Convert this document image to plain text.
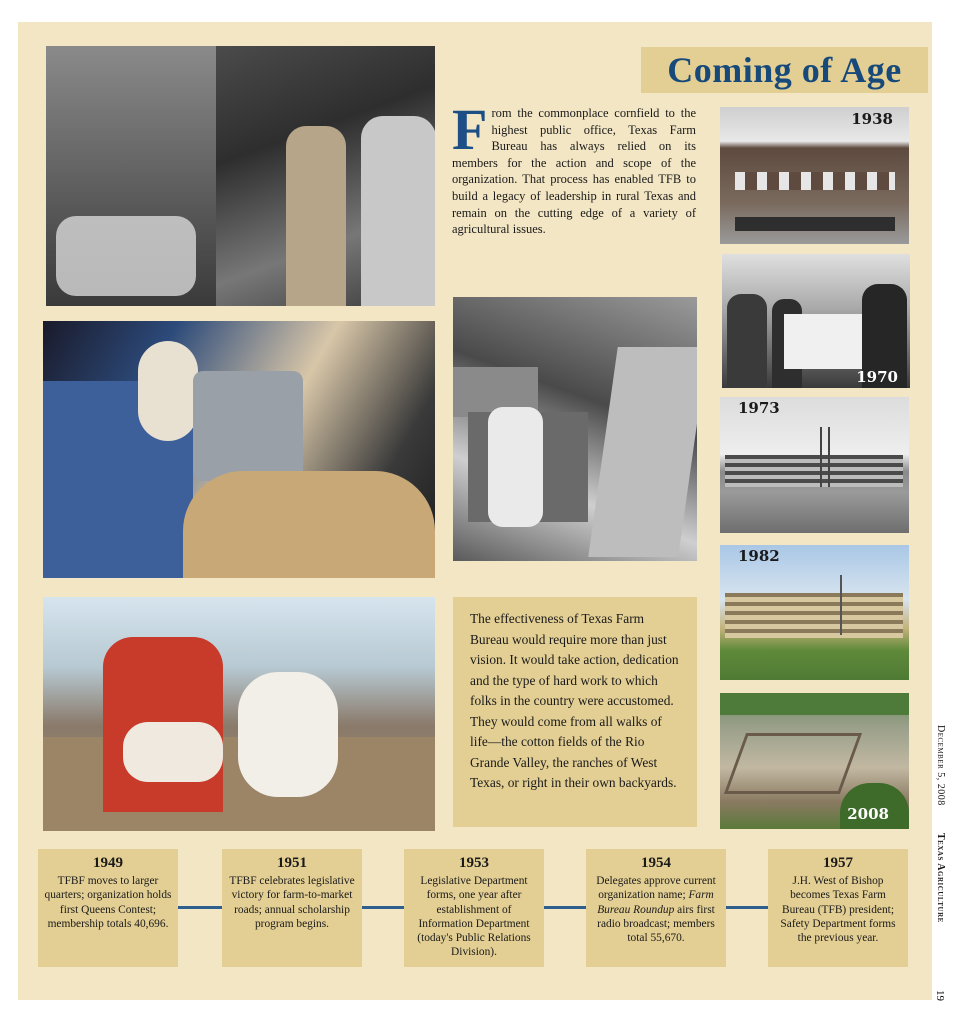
Coming of Age
From the commonplace cornfield to the highest public office, Texas Farm Bureau has always relied on its members for the action and scope of the organization. That process has enabled TFB to build a legacy of leadership in rural Texas and remain on the cutting edge of a variety of agricultural issues.
1938
1970
1973
1982
2008

The effectiveness of Texas Farm Bureau would require more than just vision. It would take action, dedication and the type of hard work to which folks in the country were accustomed. They would come from all walks of life—the cotton fields of the Rio Grande Valley, the ranches of West Texas, or right in their own backyards.

1949
TFBF moves to larger quarters; organization holds first Queens Contest; membership totals 40,696.
1951
TFBF celebrates legislative victory for farm-to-market roads; annual scholarship program begins.
1953
Legislative Department forms, one year after establishment of Information Department (today's Public Relations Division).
1954
Delegates approve current organization name; Farm Bureau Roundup airs first radio broadcast; members total 55,670.
1957
J.H. West of Bishop becomes Texas Farm Bureau (TFB) president; Safety Department forms the previous year.
December 5, 2008
Texas Agriculture
19
